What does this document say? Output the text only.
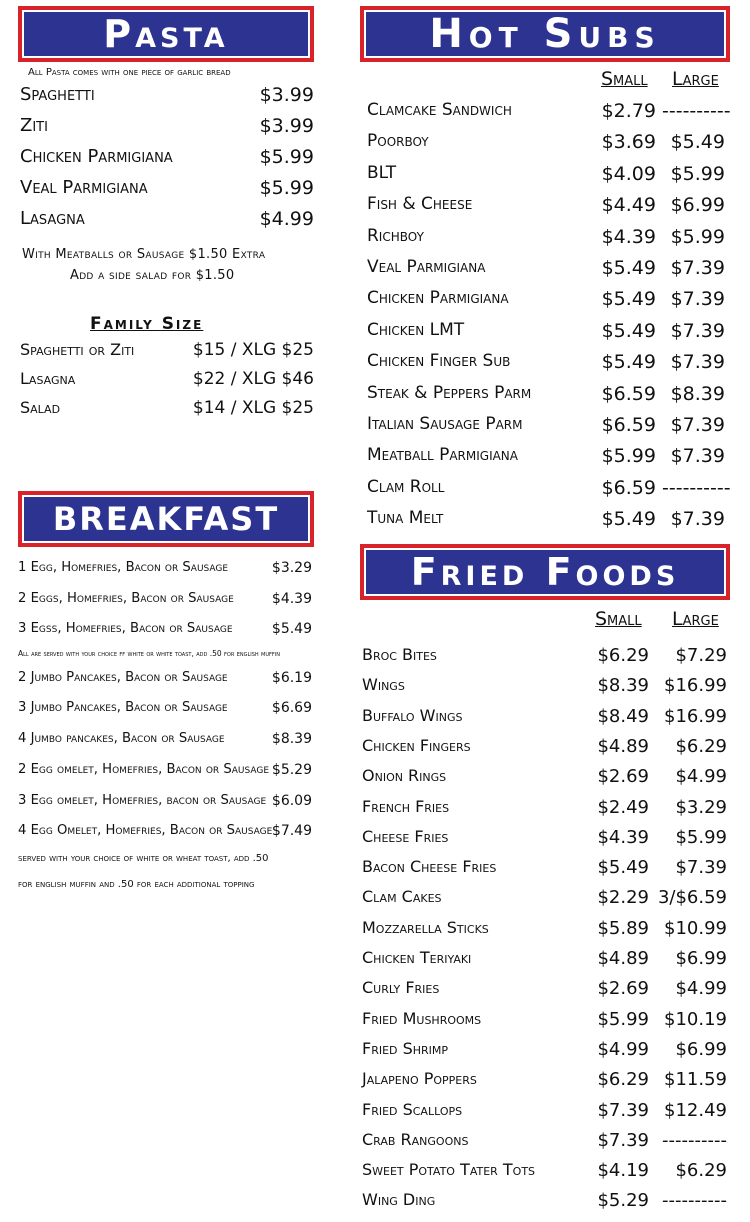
Pasta
All Pasta comes with one piece of garlic bread
Spaghetti	$3.99
Ziti	$3.99
Chicken Parmigiana	$5.99
Veal Parmigiana	$5.99
Lasagna	$4.99
With Meatballs or Sausage $1.50 Extra
Add a side salad for $1.50
Family Size
Spaghetti or Ziti	$15 / XLG $25
Lasagna	$22 / XLG $46
Salad	$14 / XLG $25
BREAKFAST
1 Egg, Homefries, Bacon or Sausage	$3.29
2 Eggs, Homefries, Bacon or Sausage	$4.39
3 Egss, Homefries, Bacon or Sausage	$5.49
2 Jumbo Pancakes, Bacon or Sausage	$6.19
3 Jumbo Pancakes, Bacon or Sausage	$6.69
4 Jumbo pancakes, Bacon or Sausage	$8.39
2 Egg omelet, Homefries, Bacon or Sausage $5.29
3 Egg omelet, Homefries, bacon or Sausage $6.09
4 Egg Omelet, Homefries, Bacon or Sausage $7.49
All are served with your choice ff white or white toast, add .50 for english muffin
served with your choice of white or wheat toast, add .50
for english muffin and .50 for each additional topping
Hot Subs
Small Large
Clamcake Sandwich	$2.79 ----------
Poorboy	$3.69 $5.49
BLT	$4.09 $5.99
Fish & Cheese	$4.49 $6.99
Richboy	$4.39 $5.99
Veal Parmigiana	$5.49 $7.39
Chicken Parmigiana	$5.49 $7.39
Chicken LMT	$5.49 $7.39
Chicken Finger Sub	$5.49 $7.39
Steak & Peppers Parm	$6.59 $8.39
Italian Sausage Parm	$6.59 $7.39
Meatball Parmigiana	$5.99 $7.39
Clam Roll	$6.59 ----------
Tuna Melt	$5.49 $7.39
Fried Foods
Small Large
Broc Bites	$6.29	$7.29
Wings	$8.39 $16.99
Buffalo Wings	$8.49 $16.99
Chicken Fingers	$4.89	$6.29
Onion Rings	$2.69	$4.99
French Fries	$2.49	$3.29
Cheese Fries	$4.39	$5.99
Bacon Cheese Fries	$5.49	$7.39
Clam Cakes	$2.29 3/$6.59
Mozzarella Sticks	$5.89 $10.99
Chicken Teriyaki	$4.89	$6.99
Curly Fries	$2.69	$4.99
Fried Mushrooms	$5.99 $10.19
Fried Shrimp	$4.99	$6.99
Jalapeno Poppers	$6.29 $11.59
Fried Scallops	$7.39 $12.49
Crab Rangoons	$7.39 ----------
Sweet Potato Tater Tots	$4.19	$6.29
Wing Ding	$5.29 ----------
